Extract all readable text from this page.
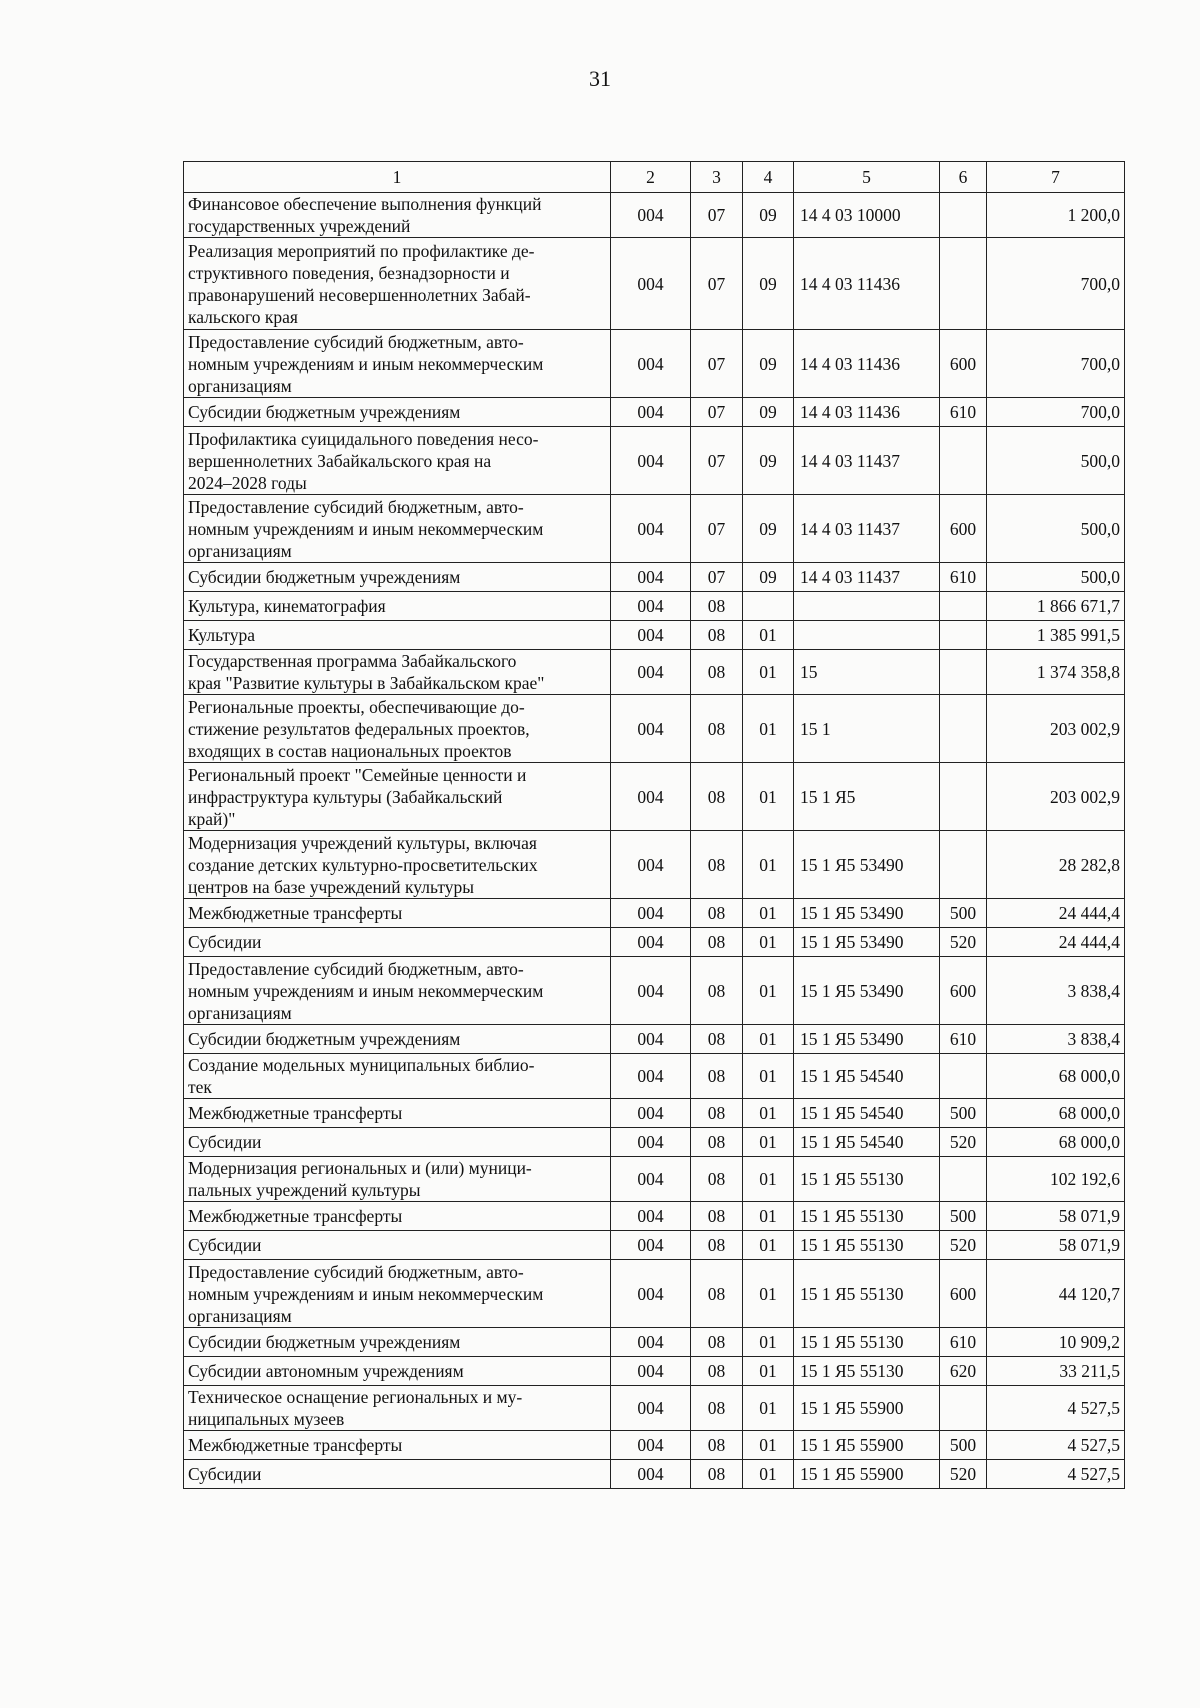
31
1	2	3	4	5	6	7
Финансовое обеспечение выполнения функций
государственных учреждений	004	07	09	14 4 03 10000		1 200,0
Реализация мероприятий по профилактике де-
структивного поведения, безнадзорности и
правонарушений несовершеннолетних Забай-
кальского края	004	07	09	14 4 03 11436		700,0
Предоставление субсидий бюджетным, авто-
номным учреждениям и иным некоммерческим
организациям	004	07	09	14 4 03 11436	600	700,0
Субсидии бюджетным учреждениям	004	07	09	14 4 03 11436	610	700,0
Профилактика суицидального поведения несо-
вершеннолетних Забайкальского края на
2024–2028 годы	004	07	09	14 4 03 11437		500,0
Предоставление субсидий бюджетным, авто-
номным учреждениям и иным некоммерческим
организациям	004	07	09	14 4 03 11437	600	500,0
Субсидии бюджетным учреждениям	004	07	09	14 4 03 11437	610	500,0
Культура, кинематография	004	08				1 866 671,7
Культура	004	08	01			1 385 991,5
Государственная программа Забайкальского
края "Развитие культуры в Забайкальском крае"	004	08	01	15		1 374 358,8
Региональные проекты, обеспечивающие до-
стижение результатов федеральных проектов,
входящих в состав национальных проектов	004	08	01	15 1		203 002,9
Региональный проект "Семейные ценности и
инфраструктура культуры (Забайкальский
край)"	004	08	01	15 1 Я5		203 002,9
Модернизация учреждений культуры, включая
создание детских культурно-просветительских
центров на базе учреждений культуры	004	08	01	15 1 Я5 53490		28 282,8
Межбюджетные трансферты	004	08	01	15 1 Я5 53490	500	24 444,4
Субсидии	004	08	01	15 1 Я5 53490	520	24 444,4
Предоставление субсидий бюджетным, авто-
номным учреждениям и иным некоммерческим
организациям	004	08	01	15 1 Я5 53490	600	3 838,4
Субсидии бюджетным учреждениям	004	08	01	15 1 Я5 53490	610	3 838,4
Создание модельных муниципальных библио-
тек	004	08	01	15 1 Я5 54540		68 000,0
Межбюджетные трансферты	004	08	01	15 1 Я5 54540	500	68 000,0
Субсидии	004	08	01	15 1 Я5 54540	520	68 000,0
Модернизация региональных и (или) муници-
пальных учреждений культуры	004	08	01	15 1 Я5 55130		102 192,6
Межбюджетные трансферты	004	08	01	15 1 Я5 55130	500	58 071,9
Субсидии	004	08	01	15 1 Я5 55130	520	58 071,9
Предоставление субсидий бюджетным, авто-
номным учреждениям и иным некоммерческим
организациям	004	08	01	15 1 Я5 55130	600	44 120,7
Субсидии бюджетным учреждениям	004	08	01	15 1 Я5 55130	610	10 909,2
Субсидии автономным учреждениям	004	08	01	15 1 Я5 55130	620	33 211,5
Техническое оснащение региональных и му-
ниципальных музеев	004	08	01	15 1 Я5 55900		4 527,5
Межбюджетные трансферты	004	08	01	15 1 Я5 55900	500	4 527,5
Субсидии	004	08	01	15 1 Я5 55900	520	4 527,5
